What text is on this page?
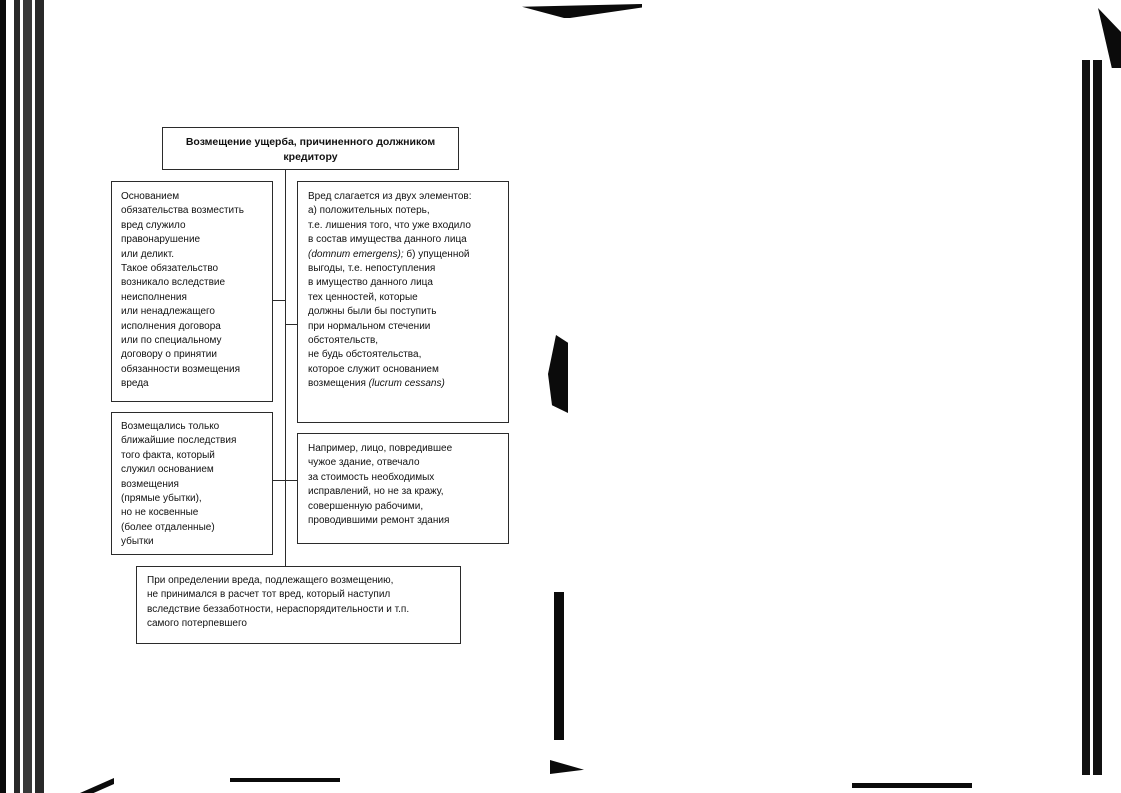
Возмещение ущерба, причиненного должником
кредитору
Основанием
обязательства возместить
вред служило
правонарушение
или деликт.
Такое обязательство
возникало вследствие
неисполнения
или ненадлежащего
исполнения договора
или по специальному
договору о принятии
обязанности возмещения
вреда
Вред слагается из двух элементов:
а) положительных потерь,
т.е. лишения того, что уже входило
в состав имущества данного лица
(domnum emergens); б) упущенной
выгоды, т.е. непоступления
в имущество данного лица
тех ценностей, которые
должны были бы поступить
при нормальном стечении
обстоятельств,
не будь обстоятельства,
которое служит основанием
возмещения (lucrum cessans)
Возмещались только
ближайшие последствия
того факта, который
служил основанием
возмещения
(прямые убытки),
но не косвенные
(более отдаленные)
убытки
Например, лицо, повредившее
чужое здание, отвечало
за стоимость необходимых
исправлений, но не за кражу,
совершенную рабочими,
проводившими ремонт здания
При определении вреда, подлежащего возмещению,
не принимался в расчет тот вред, который наступил
вследствие беззаботности, нераспорядительности и т.п.
самого потерпевшего
